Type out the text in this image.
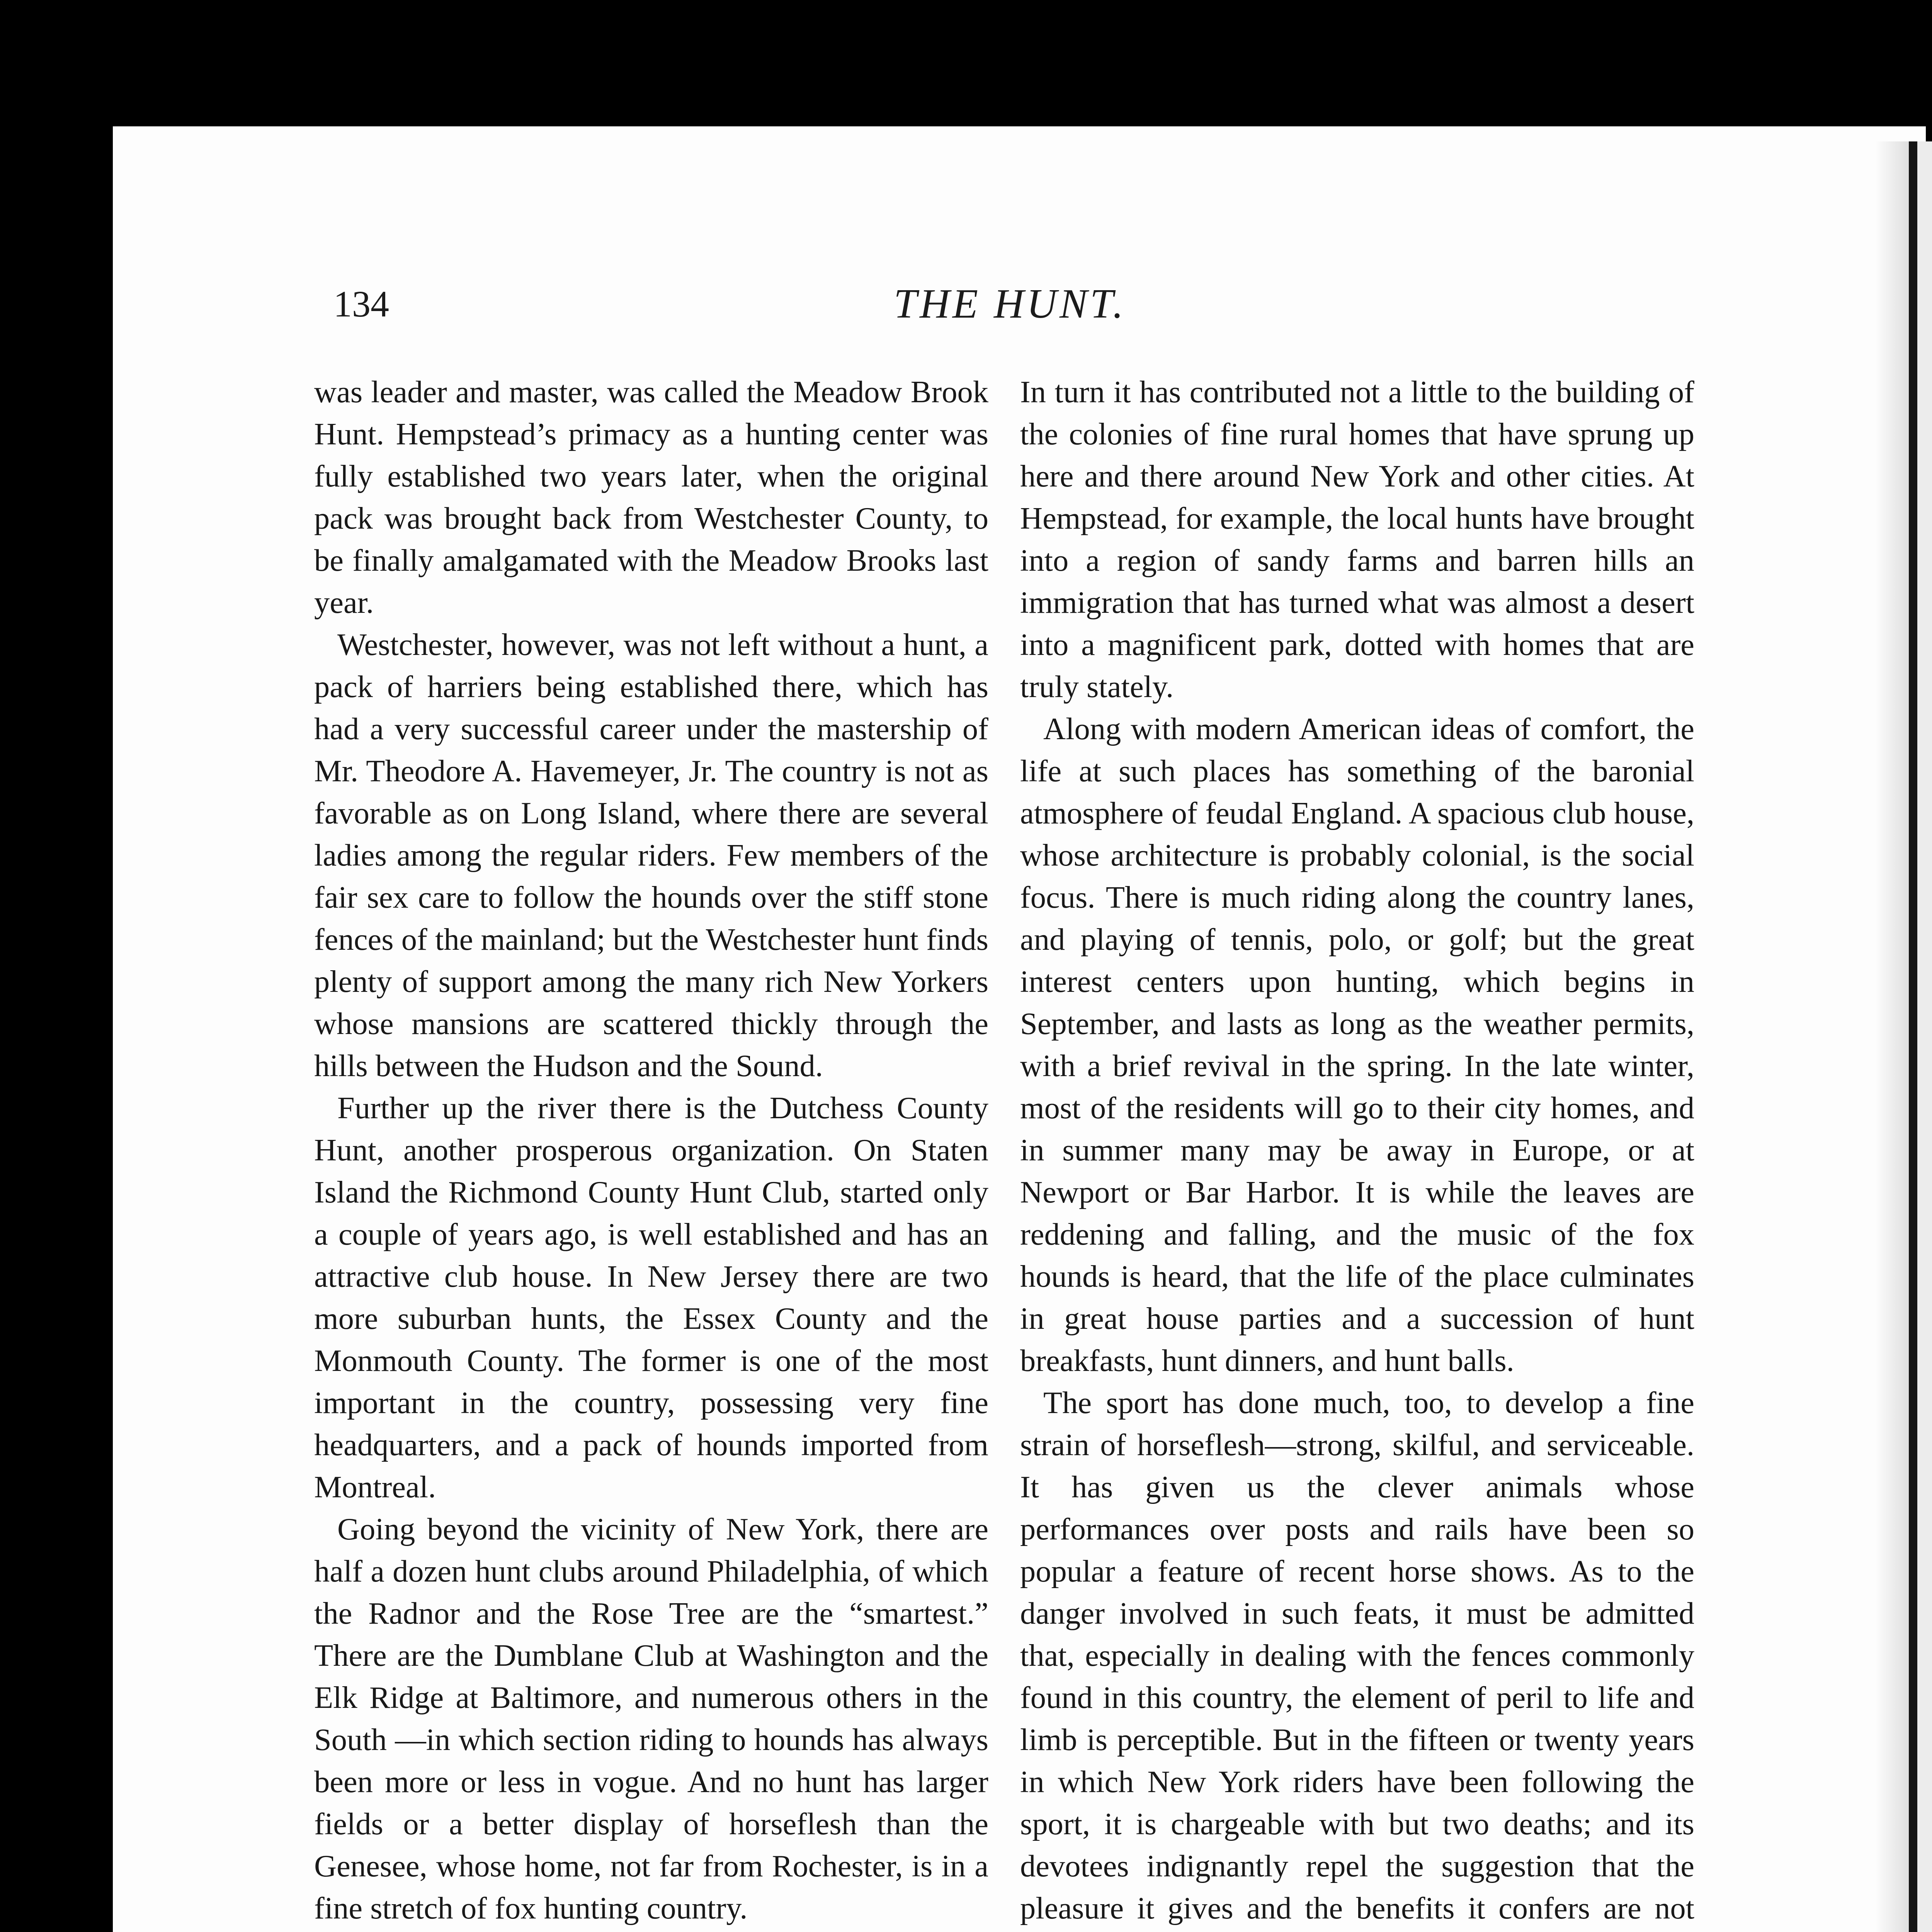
134	THE HUNT.

was leader and master, was called the Meadow Brook Hunt. Hempstead’s primacy as a hunting center was fully established two years later, when the original pack was brought back from Westchester County, to be finally amalgamated with the Meadow Brooks last year.

Westchester, however, was not left without a hunt, a pack of harriers being established there, which has had a very successful career under the mastership of Mr. Theodore A. Havemeyer, Jr. The country is not as favorable as on Long Island, where there are several ladies among the regular riders. Few members of the fair sex care to follow the hounds over the stiff stone fences of the mainland; but the Westchester hunt finds plenty of support among the many rich New Yorkers whose mansions are scattered thickly through the hills between the Hudson and the Sound.

Further up the river there is the Dutchess County Hunt, another prosperous organization. On Staten Island the Richmond County Hunt Club, started only a couple of years ago, is well established and has an attractive club house. In New Jersey there are two more suburban hunts, the Essex County and the Monmouth County. The former is one of the most important in the country, possessing very fine headquarters, and a pack of hounds imported from Montreal.

Going beyond the vicinity of New York, there are half a dozen hunt clubs around Philadelphia, of which the Radnor and the Rose Tree are the “smartest.” There are the Dumblane Club at Washington and the Elk Ridge at Baltimore, and numerous others in the South —in which section riding to hounds has always been more or less in vogue. And no hunt has larger fields or a better display of horseflesh than the Genesee, whose home, not far from Rochester, is in a fine stretch of fox hunting country.

In turn it has contributed not a little to the building of the colonies of fine rural homes that have sprung up here and there around New York and other cities. At Hempstead, for example, the local hunts have brought into a region of sandy farms and barren hills an immigration that has turned what was almost a desert into a magnificent park, dotted with homes that are truly stately.

Along with modern American ideas of comfort, the life at such places has something of the baronial atmosphere of feudal England. A spacious club house, whose architecture is probably colonial, is the social focus. There is much riding along the country lanes, and playing of tennis, polo, or golf; but the great interest centers upon hunting, which begins in September, and lasts as long as the weather permits, with a brief revival in the spring. In the late winter, most of the residents will go to their city homes, and in summer many may be away in Europe, or at Newport or Bar Harbor. It is while the leaves are reddening and falling, and the music of the fox hounds is heard, that the life of the place culminates in great house parties and a succession of hunt breakfasts, hunt dinners, and hunt balls.

The sport has done much, too, to develop a fine strain of horseflesh—strong, skilful, and serviceable. It has given us the clever animals whose performances over posts and rails have been so popular a feature of recent horse shows. As to the danger involved in such feats, it must be admitted that, especially in dealing with the fences commonly found in this country, the element of peril to life and limb is perceptible. But in the fifteen or twenty years in which New York riders have been following the sport, it is chargeable with but two deaths; and its devotees indignantly repel the suggestion that the pleasure it gives and the benefits it confers are not
